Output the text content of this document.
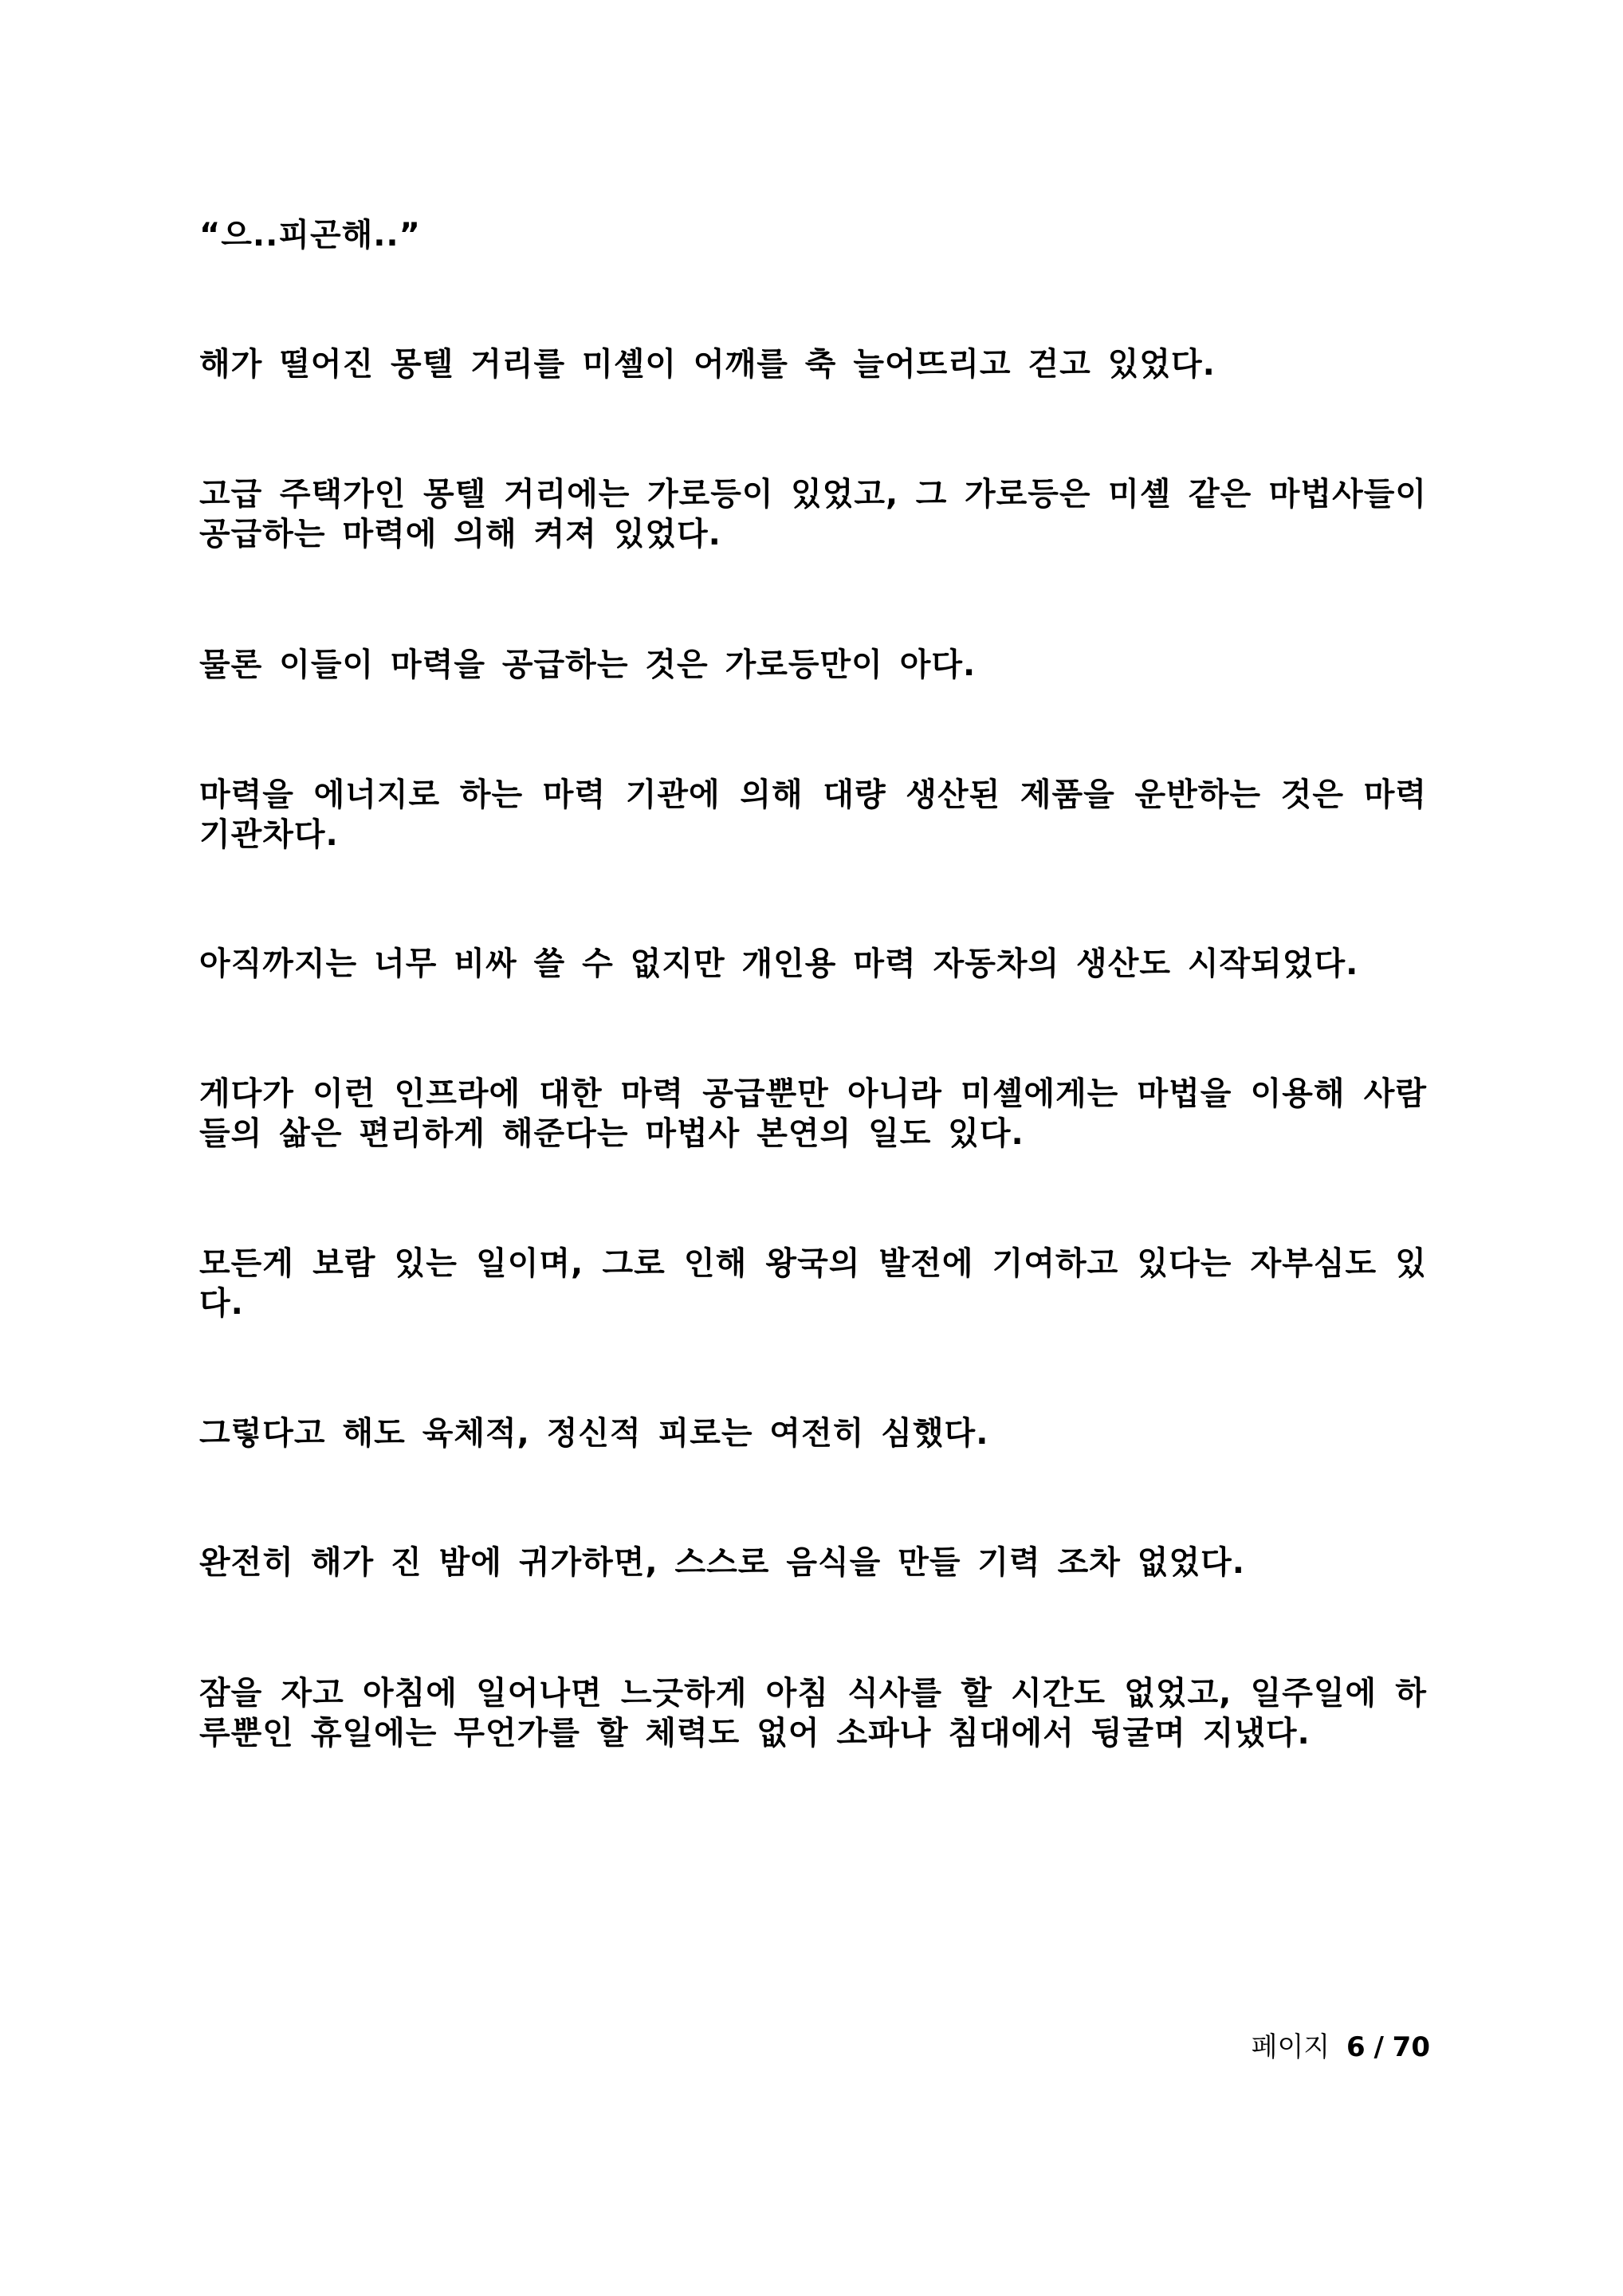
“으..피곤해..”

해가 떨어진 몽텔 거리를 미셸이 어깨를 축 늘어뜨리고 걷고 있었다.

고급 주택가인 몽텔 거리에는 가로등이 있었고, 그 가로등은 미셸 같은 마법사들이 공급하는 마력에 의해 켜져 있었다.

물론 이들이 마력을 공급하는 것은 가로등만이 아다.

마력을 에너지로 하는 마력 기관에 의해 대량 생산된 제품을 운반하는 것은 마력 기관차다.

아직까지는 너무 비싸 쓸 수 없지만 개인용 마력 자동차의 생산도 시작되었다.

게다가 이런 인프라에 대한 마력 공급뿐만 아니라 미셸에게는 마법을 이용해 사람들의 삶은 편리하게 해준다는 마법사 본연의 일도 있다.

모든게 보람 있는 일이며, 그로 인해 왕국의 발전에 기여하고 있다는 자부심도 있다.

그렇다고 해도 육체적, 정신적 피로는 여전히 심했다.

완전히 해가 진 밤에 귀가하면, 스스로 음식을 만들 기력 조차 없었다.

잠을 자고 아침에 일어나면 느긋하게 아침 식사를 할 시간도 없었고, 일주일에 하루뿐인 휴일에는 무언가를 할 체력도 없어 소파나 침대에서 뒹굴며 지냈다.

페이지 6 / 70
